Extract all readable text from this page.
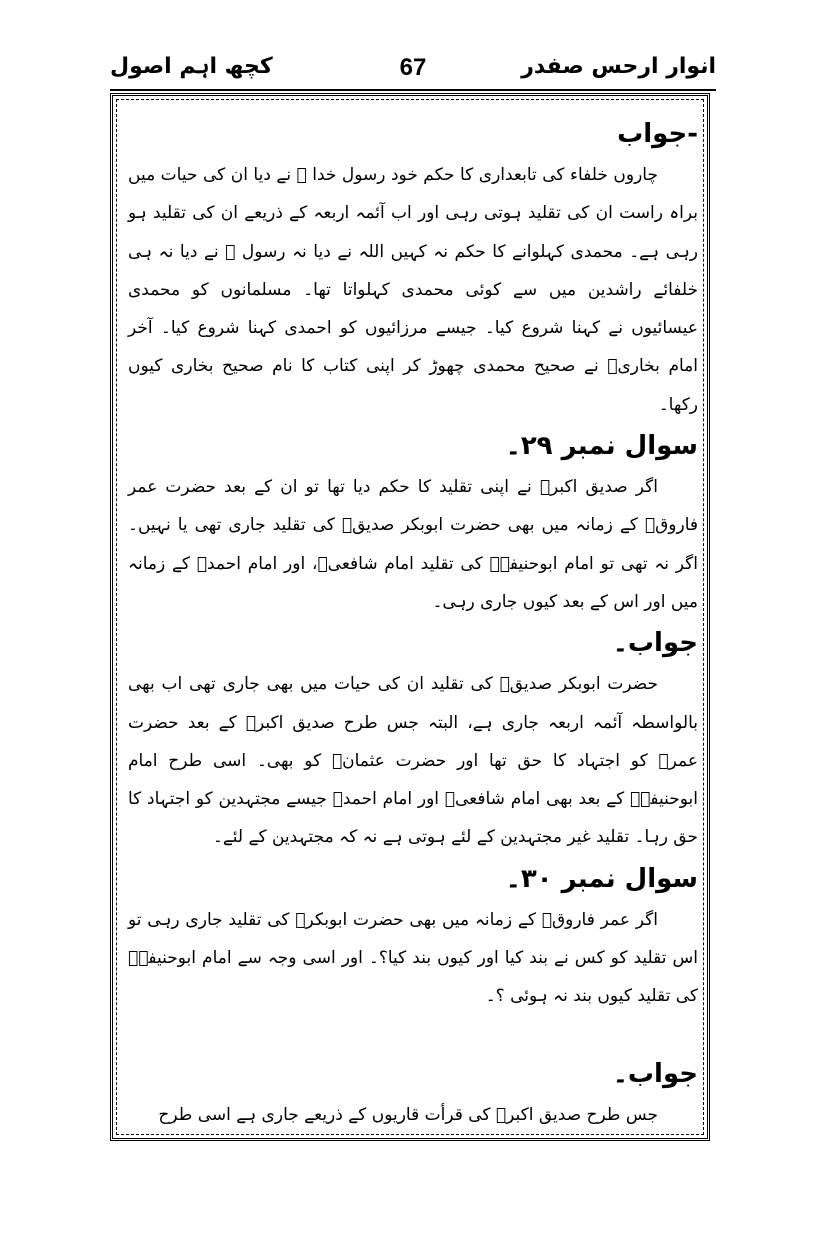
انوار ارحس صفدر
67
کچھ اہم اصول
-جواب

چاروں خلفاء کی تابعداری کا حکم خود رسول خدا ﷺ نے دیا ان کی حیات میں براہ راست ان کی تقلید ہوتی رہی اور اب آئمہ اربعہ کے ذریعے ان کی تقلید ہو رہی ہے۔ محمدی کہلوانے کا حکم نہ کہیں اللہ نے دیا نہ رسول ﷺ نے دیا نہ ہی خلفائے راشدین میں سے کوئی محمدی کہلواتا تھا۔ مسلمانوں کو محمدی عیسائیوں نے کہنا شروع کیا۔ جیسے مرزائیوں کو احمدی کہنا شروع کیا۔ آخر امام بخاریؒ نے صحیح محمدی چھوڑ کر اپنی کتاب کا نام صحیح بخاری کیوں رکھا۔

سوال نمبر ۲۹۔

اگر صدیق اکبرؓ نے اپنی تقلید کا حکم دیا تھا تو ان کے بعد حضرت عمر فاروقؓ کے زمانہ میں بھی حضرت ابوبکر صدیقؓ کی تقلید جاری تھی یا نہیں۔ اگر نہ تھی تو امام ابوحنیفہؒ کی تقلید امام شافعیؒ، اور امام احمدؒ کے زمانہ میں اور اس کے بعد کیوں جاری رہی۔

جواب۔

حضرت ابوبکر صدیقؓ کی تقلید ان کی حیات میں بھی جاری تھی اب بھی بالواسطہ آئمہ اربعہ جاری ہے، البتہ جس طرح صدیق اکبرؓ کے بعد حضرت عمرؓ کو اجتہاد کا حق تھا اور حضرت عثمانؓ کو بھی۔ اسی طرح امام ابوحنیفہؒ کے بعد بھی امام شافعیؒ اور امام احمدؒ جیسے مجتہدین کو اجتہاد کا حق رہا۔ تقلید غیر مجتہدین کے لئے ہوتی ہے نہ کہ مجتہدین کے لئے۔

سوال نمبر ۳۰۔

اگر عمر فاروقؓ کے زمانہ میں بھی حضرت ابوبکرؓ کی تقلید جاری رہی تو اس تقلید کو کس نے بند کیا اور کیوں بند کیا؟۔ اور اسی وجہ سے امام ابوحنیفہؒ کی تقلید کیوں بند نہ ہوئی ؟۔

جواب۔

جس طرح صدیق اکبرؓ کی قرأت قاریوں کے ذریعے جاری ہے اسی طرح
